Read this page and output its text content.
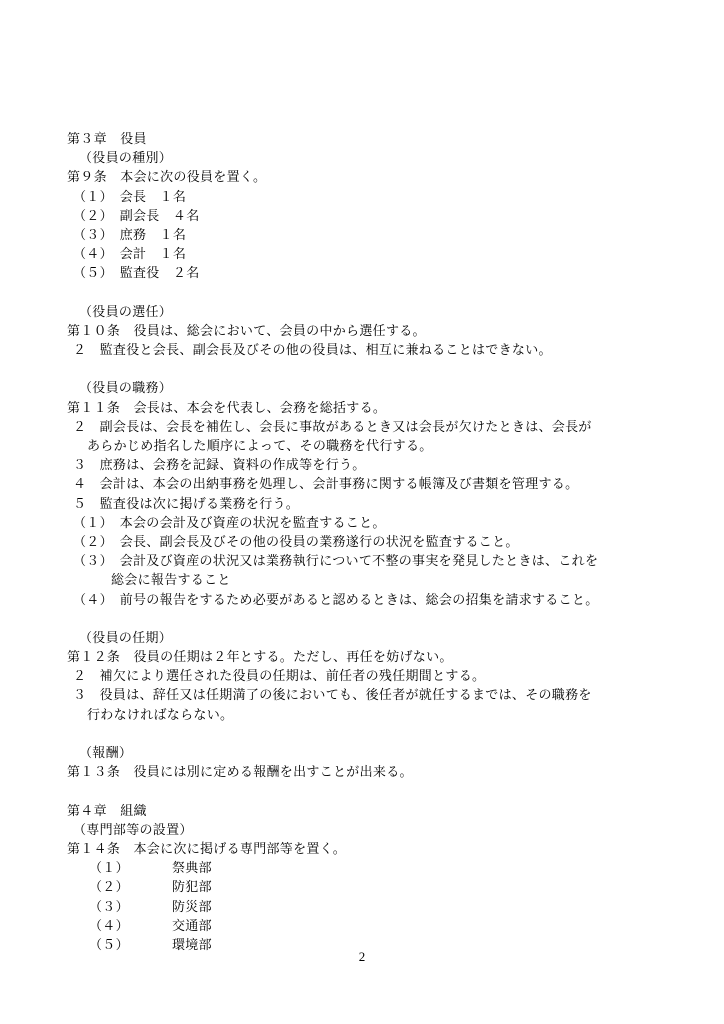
第３章　役員
（役員の種別）
第９条　本会に次の役員を置く。
（１）　会長　１名
（２）　副会長　４名
（３）　庶務　１名
（４）　会計　１名
（５）　監査役　２名
（役員の選任）
第１０条　役員は、総会において、会員の中から選任する。
２　監査役と会長、副会長及びその他の役員は、相互に兼ねることはできない。
（役員の職務）
第１１条　会長は、本会を代表し、会務を総括する。
２　副会長は、会長を補佐し、会長に事故があるとき又は会長が欠けたときは、会長が
あらかじめ指名した順序によって、その職務を代行する。
３　庶務は、会務を記録、資料の作成等を行う。
４　会計は、本会の出納事務を処理し、会計事務に関する帳簿及び書類を管理する。
５　監査役は次に掲げる業務を行う。
（１）　本会の会計及び資産の状況を監査すること。
（２）　会長、副会長及びその他の役員の業務遂行の状況を監査すること。
（３）　会計及び資産の状況又は業務執行について不整の事実を発見したときは、これを
総会に報告すること
（４）　前号の報告をするため必要があると認めるときは、総会の招集を請求すること。
（役員の任期）
第１２条　役員の任期は２年とする。ただし、再任を妨げない。
２　補欠により選任された役員の任期は、前任者の残任期間とする。
３　役員は、辞任又は任期満了の後においても、後任者が就任するまでは、その職務を
行わなければならない。
（報酬）
第１３条　役員には別に定める報酬を出すことが出来る。
第４章　組織
（専門部等の設置）
第１４条　本会に次に掲げる専門部等を置く。
（１）	祭典部
（２）	防犯部
（３）	防災部
（４）	交通部
（５）	環境部
2
